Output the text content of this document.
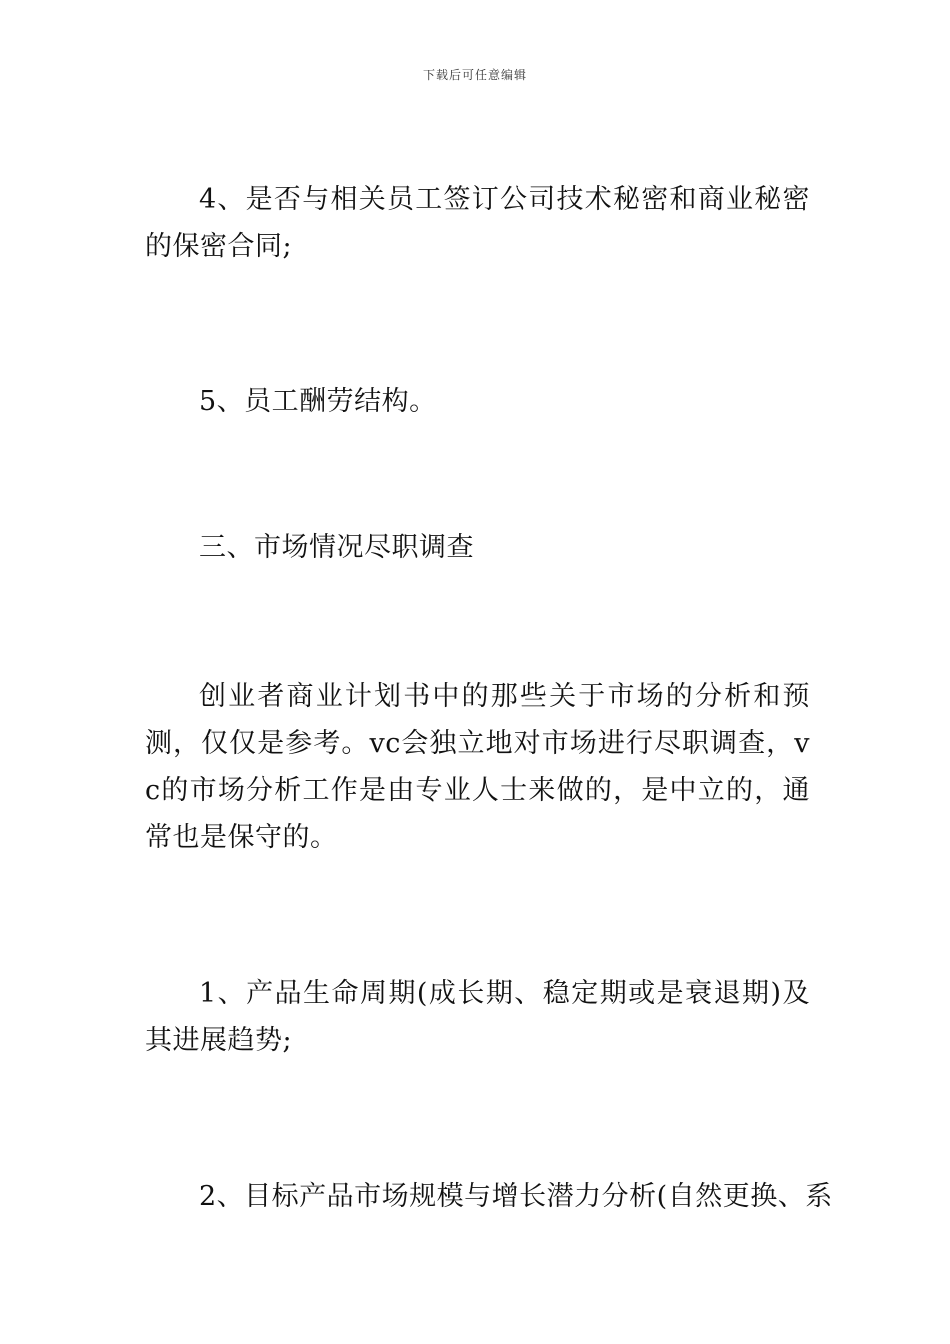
下载后可任意编辑

4、是否与相关员工签订公司技术秘密和商业秘密的保密合同;

5、员工酬劳结构。

三、市场情况尽职调查

创业者商业计划书中的那些关于市场的分析和预测，仅仅是参考。vc会独立地对市场进行尽职调查，vc的市场分析工作是由专业人士来做的，是中立的，通常也是保守的。

1、产品生命周期(成长期、稳定期或是衰退期)及其进展趋势;

2、目标产品市场规模与增长潜力分析(自然更换、系
